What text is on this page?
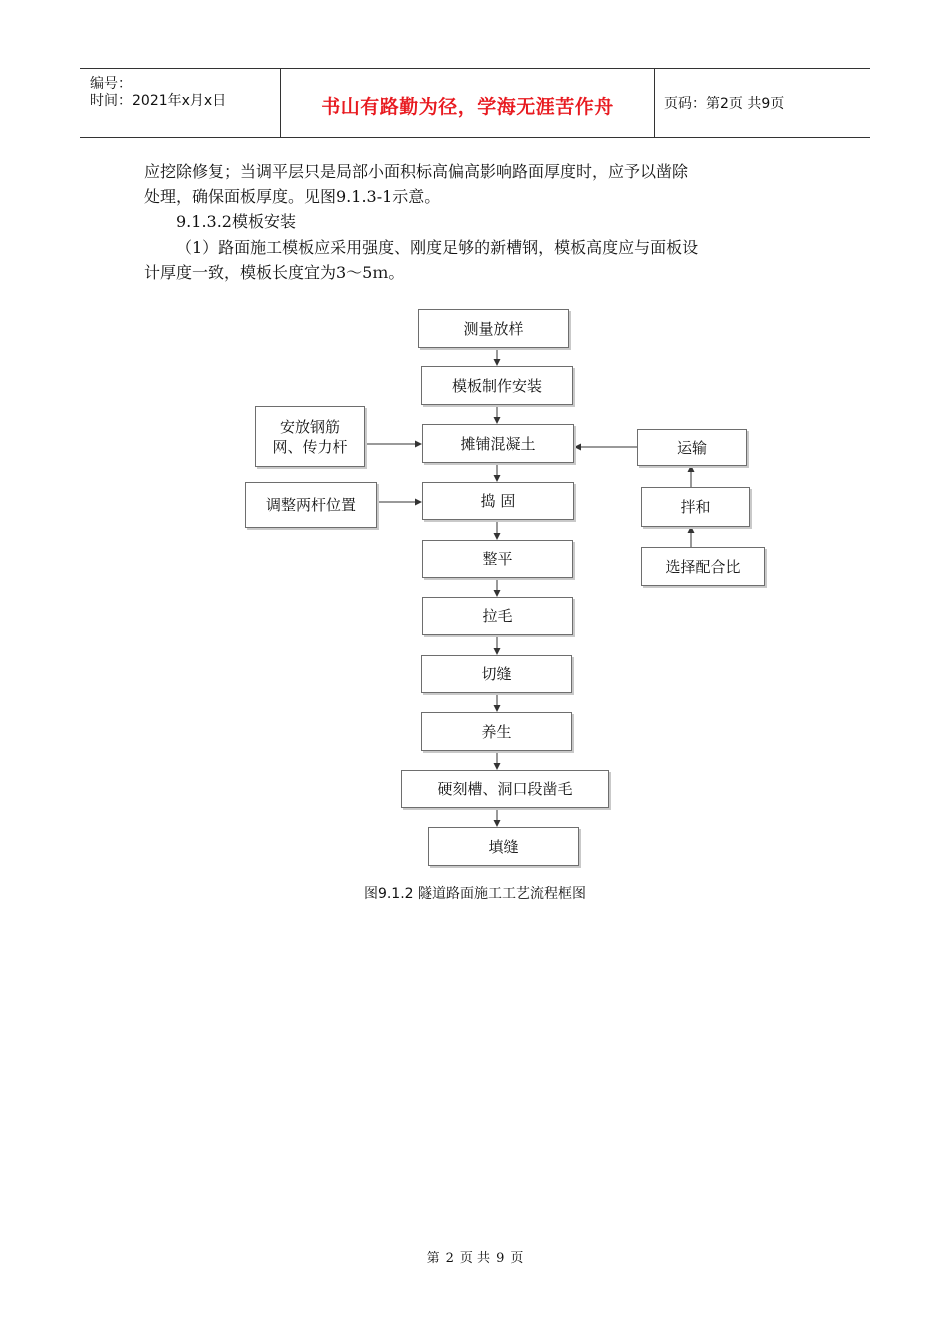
编号：
时间：2021年x月x日	书山有路勤为径，学海无涯苦作舟	页码：第2页 共9页
应挖除修复；当调平层只是局部小面积标高偏高影响路面厚度时，应予以凿除
处理，确保面板厚度。见图9.1.3-1示意。
9.1.3.2模板安装
（1）路面施工模板应采用强度、刚度足够的新槽钢，模板高度应与面板设
计厚度一致，模板长度宜为3～5ｍ。
测量放样
模板制作安装
摊铺混凝土
捣 固
整平
拉毛
切缝
养生
硬刻槽、洞口段凿毛
填缝
安放钢筋
网、传力杆
调整两杆位置
运输
拌和
选择配合比
图9.1.2 隧道路面施工工艺流程框图
第 2 页 共 9 页
